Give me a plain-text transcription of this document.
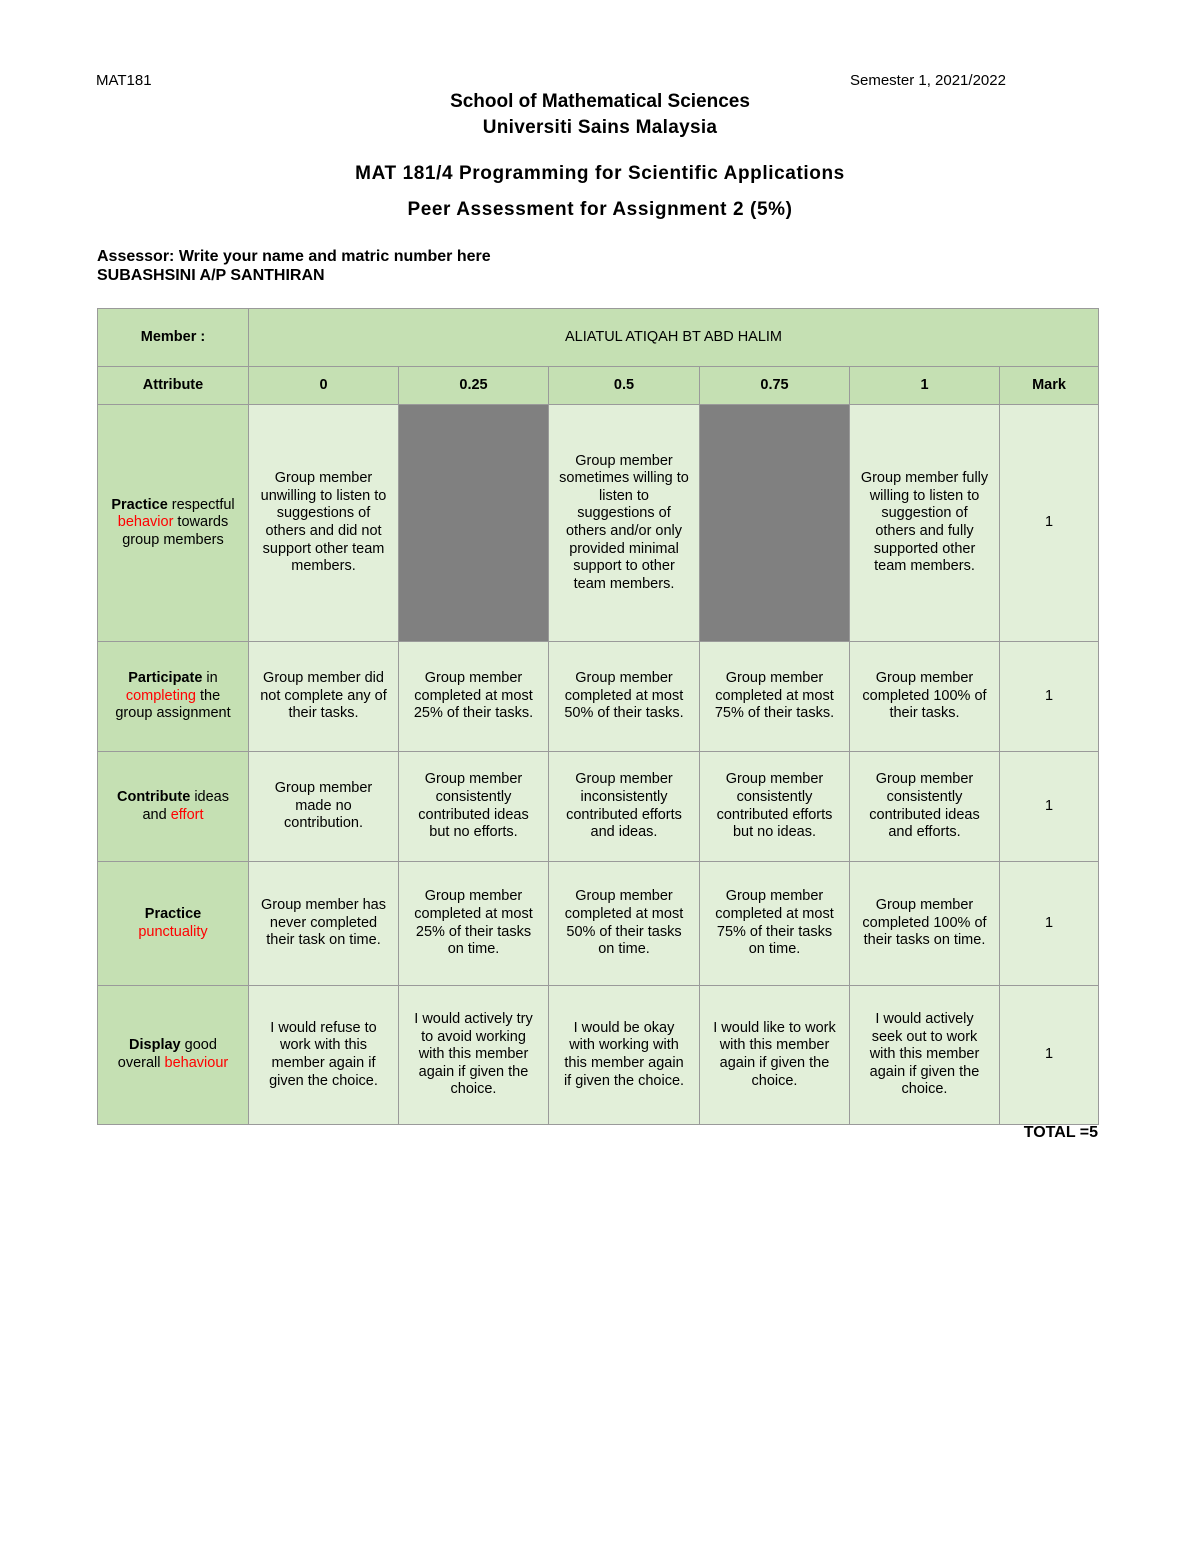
MAT181	Semester 1, 2021/2022
School of Mathematical Sciences
Universiti Sains Malaysia
MAT 181/4 Programming for Scientific Applications
Peer Assessment for Assignment 2 (5%)
Assessor: Write your name and matric number here
SUBASHSINI A/P SANTHIRAN
Member :	ALIATUL ATIQAH BT ABD HALIM					
Attribute	0	0.25	0.5	0.75	1	Mark
Practice respectful behavior towards group members	Group member unwilling to listen to suggestions of others and did not support other team members.		Group member sometimes willing to listen to suggestions of others and/or only provided minimal support to other team members.		Group member fully willing to listen to suggestion of others and fully supported other team members.	1
Participate in completing the group assignment	Group member did not complete any of their tasks.	Group member completed at most 25% of their tasks.	Group member completed at most 50% of their tasks.	Group member completed at most 75% of their tasks.	Group member completed 100% of their tasks.	1
Contribute ideas and effort	Group member made no contribution.	Group member consistently contributed ideas but no efforts.	Group member inconsistently contributed efforts and ideas.	Group member consistently contributed efforts but no ideas.	Group member consistently contributed ideas and efforts.	1
Practice
punctuality	Group member has never completed their task on time.	Group member completed at most 25% of their tasks on time.	Group member completed at most 50% of their tasks on time.	Group member completed at most 75% of their tasks on time.	Group member completed 100% of their tasks on time.	1
Display good overall behaviour	I would refuse to work with this member again if given the choice.	I would actively try to avoid working with this member again if given the choice.	I would be okay with working with this member again if given the choice.	I would like to work with this member again if given the choice.	I would actively seek out to work with this member again if given the choice.	1
TOTAL =5
